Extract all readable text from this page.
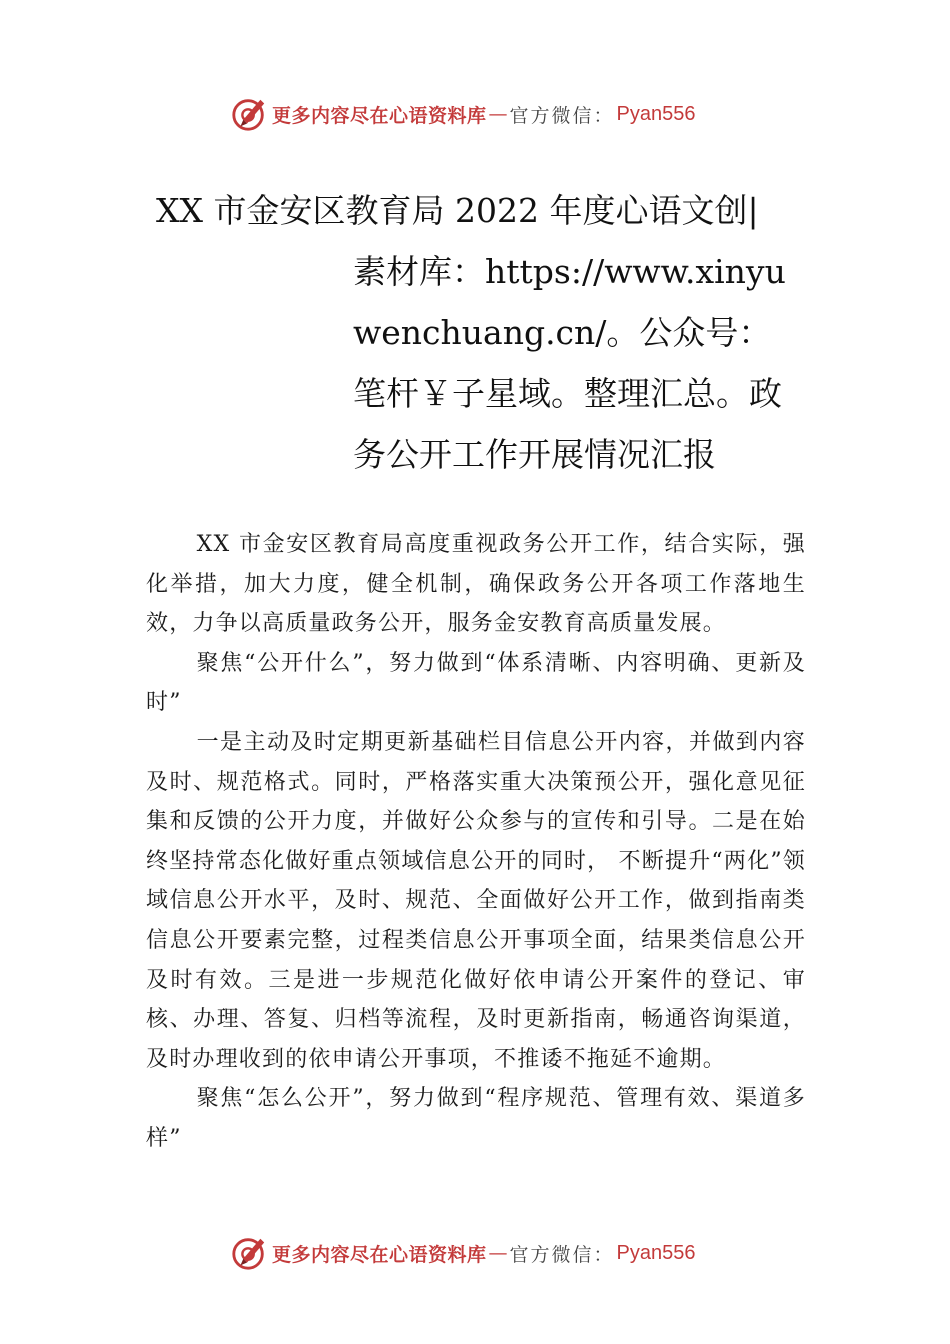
更多内容尽在心语资料库 — 官方微信： Pyan556
XX 市金安区教育局 2022 年度心语文创|
素材库：https://www.xinyuwenchuang.cn/。公众号：笔杆￥子星域。整理汇总。政务公开工作开展情况汇报

XX 市金安区教育局高度重视政务公开工作，结合实际，强化举措，加大力度，健全机制，确保政务公开各项工作落地生效，力争以高质量政务公开，服务金安教育高质量发展。

聚焦“公开什么”，努力做到“体系清晰、内容明确、更新及时”

一是主动及时定期更新基础栏目信息公开内容，并做到内容及时、规范格式。同时，严格落实重大决策预公开，强化意见征集和反馈的公开力度，并做好公众参与的宣传和引导。二是在始终坚持常态化做好重点领域信息公开的同时， 不断提升“两化”领域信息公开水平，及时、规范、全面做好公开工作，做到指南类信息公开要素完整，过程类信息公开事项全面，结果类信息公开及时有效。三是进一步规范化做好依申请公开案件的登记、审核、办理、答复、归档等流程，及时更新指南，畅通咨询渠道，及时办理收到的依申请公开事项，不推诿不拖延不逾期。

聚焦“怎么公开”，努力做到“程序规范、管理有效、渠道多样”

更多内容尽在心语资料库 — 官方微信： Pyan556
